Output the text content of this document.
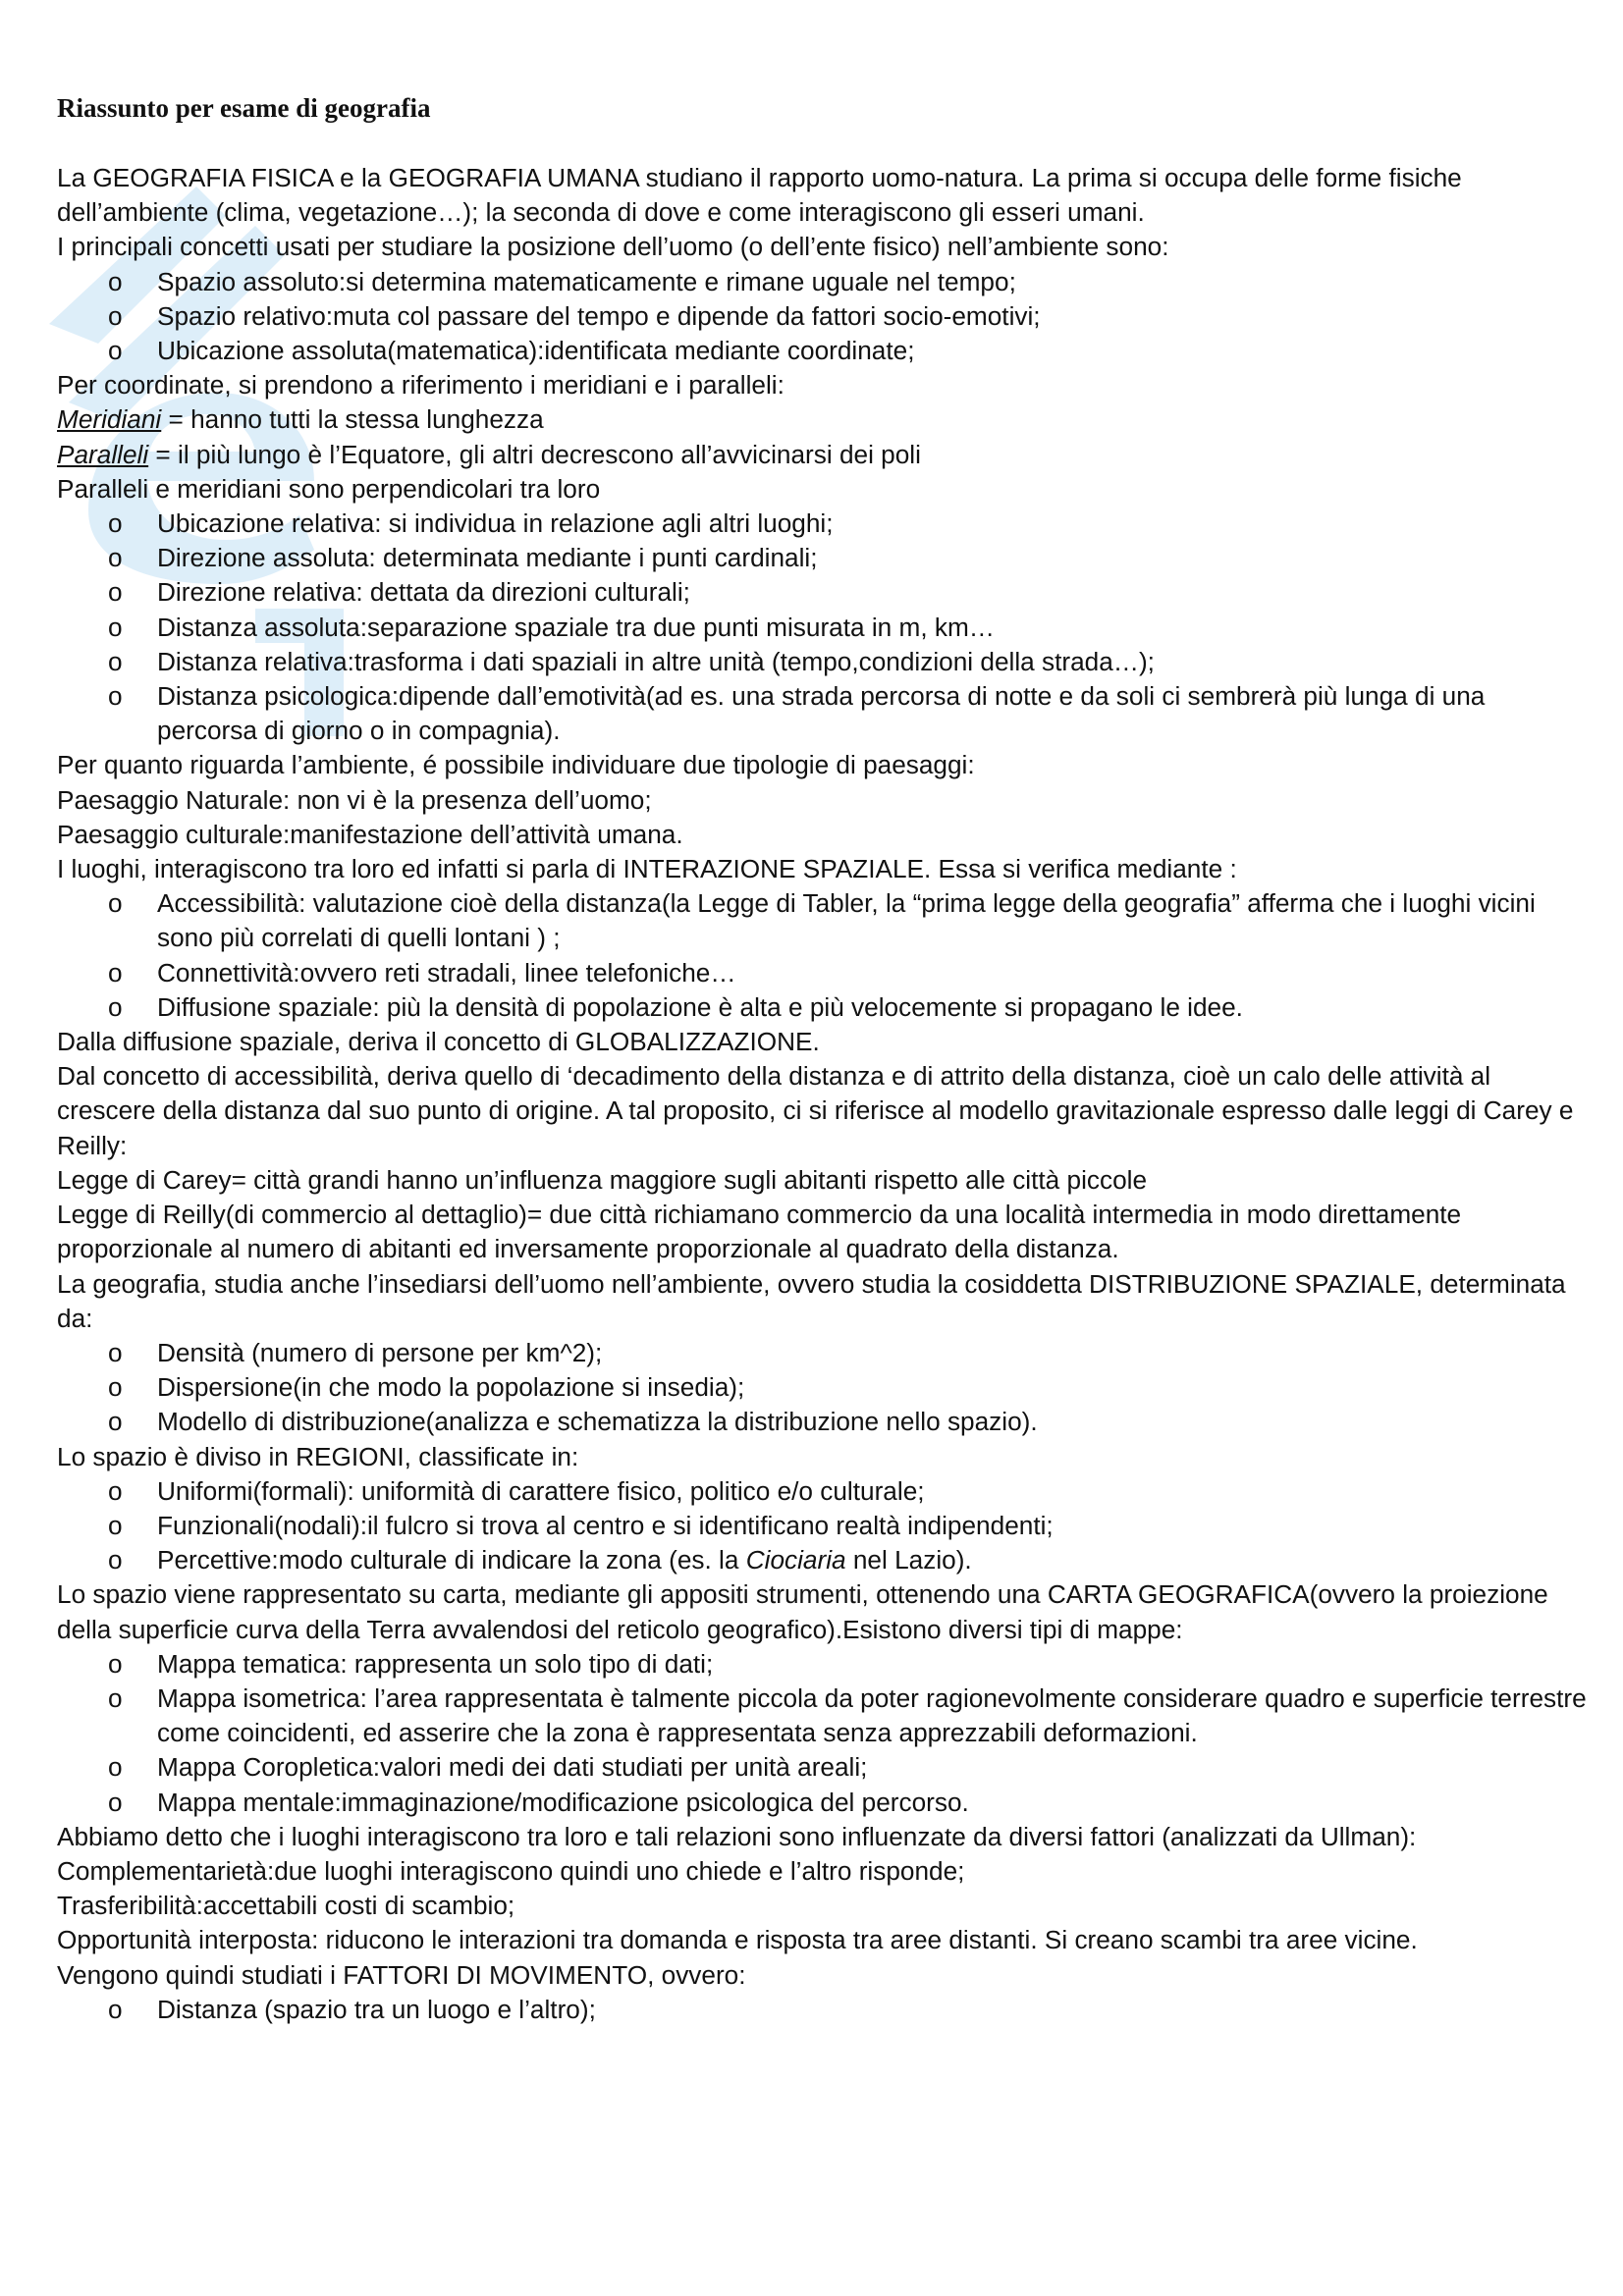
Riassunto per esame di geografia
La GEOGRAFIA FISICA e la GEOGRAFIA UMANA studiano il rapporto uomo-natura. La prima si occupa delle forme fisiche dell’ambiente (clima, vegetazione…); la seconda di dove e come interagiscono gli esseri umani.
I principali concetti usati per studiare la posizione dell’uomo (o dell’ente fisico) nell’ambiente sono:
o Spazio assoluto:si determina matematicamente e rimane uguale nel tempo;
o Spazio relativo:muta col passare del tempo e dipende da fattori socio-emotivi;
o Ubicazione assoluta(matematica):identificata mediante coordinate;
Per coordinate, si prendono a riferimento i meridiani e i paralleli:
Meridiani = hanno tutti la stessa lunghezza
Paralleli = il più lungo è l’Equatore, gli altri decrescono all’avvicinarsi dei poli
Paralleli e meridiani sono perpendicolari tra loro
o Ubicazione relativa: si individua in relazione agli altri luoghi;
o Direzione assoluta: determinata mediante i punti cardinali;
o Direzione relativa: dettata da direzioni culturali;
o Distanza assoluta:separazione spaziale tra due punti misurata in m, km…
o Distanza relativa:trasforma i dati spaziali in altre unità (tempo,condizioni della strada…);
o Distanza psicologica:dipende dall’emotività(ad es. una strada percorsa di notte e da soli ci sembrerà più lunga di una percorsa di giorno o in compagnia).
Per quanto riguarda l’ambiente, é possibile individuare due tipologie di paesaggi:
Paesaggio Naturale: non vi è la presenza dell’uomo;
Paesaggio culturale:manifestazione dell’attività umana.
I luoghi, interagiscono tra loro ed infatti si parla di INTERAZIONE SPAZIALE. Essa si verifica mediante :
o Accessibilità: valutazione cioè della distanza(la Legge di Tabler, la “prima legge della geografia” afferma che i luoghi vicini sono più correlati di quelli lontani ) ;
o Connettività:ovvero reti stradali, linee telefoniche…
o Diffusione spaziale: più la densità di popolazione è alta e più velocemente si propagano le idee.
Dalla diffusione spaziale, deriva il concetto di GLOBALIZZAZIONE.
Dal concetto di accessibilità, deriva quello di ‘decadimento della distanza e di attrito della distanza, cioè un calo delle attività al crescere della distanza dal suo punto di origine. A tal proposito, ci si riferisce al modello gravitazionale espresso dalle leggi di Carey e Reilly:
Legge di Carey= città grandi hanno un’influenza maggiore sugli abitanti rispetto alle città piccole
Legge di Reilly(di commercio al dettaglio)= due città richiamano commercio da una località intermedia in modo direttamente proporzionale al numero di abitanti ed inversamente proporzionale al quadrato della distanza.
La geografia, studia anche l’insediarsi dell’uomo nell’ambiente, ovvero studia la cosiddetta DISTRIBUZIONE SPAZIALE, determinata da:
o Densità (numero di persone per km^2);
o Dispersione(in che modo la popolazione si insedia);
o Modello di distribuzione(analizza e schematizza la distribuzione nello spazio).
Lo spazio è diviso in REGIONI, classificate in:
o Uniformi(formali): uniformità di carattere fisico, politico e/o culturale;
o Funzionali(nodali):il fulcro si trova al centro e si identificano realtà indipendenti;
o Percettive:modo culturale di indicare la zona (es. la Ciociaria nel Lazio).
Lo spazio viene rappresentato su carta, mediante gli appositi strumenti, ottenendo una CARTA GEOGRAFICA(ovvero la proiezione della superficie curva della Terra avvalendosi del reticolo geografico).Esistono diversi tipi di mappe:
o Mappa tematica: rappresenta un solo tipo di dati;
o Mappa isometrica: l’area rappresentata è talmente piccola da poter ragionevolmente considerare quadro e superficie terrestre come coincidenti, ed asserire che la zona è rappresentata senza apprezzabili deformazioni.
o Mappa Coropletica:valori medi dei dati studiati per unità areali;
o Mappa mentale:immaginazione/modificazione psicologica del percorso.
Abbiamo detto che i luoghi interagiscono tra loro e tali relazioni sono influenzate da diversi fattori (analizzati da Ullman):
Complementarietà:due luoghi interagiscono quindi uno chiede e l’altro risponde;
Trasferibilità:accettabili costi di scambio;
Opportunità interposta: riducono le interazioni tra domanda e risposta tra aree distanti. Si creano scambi tra aree vicine.
Vengono quindi studiati i FATTORI DI MOVIMENTO, ovvero:
o Distanza (spazio tra un luogo e l’altro);
